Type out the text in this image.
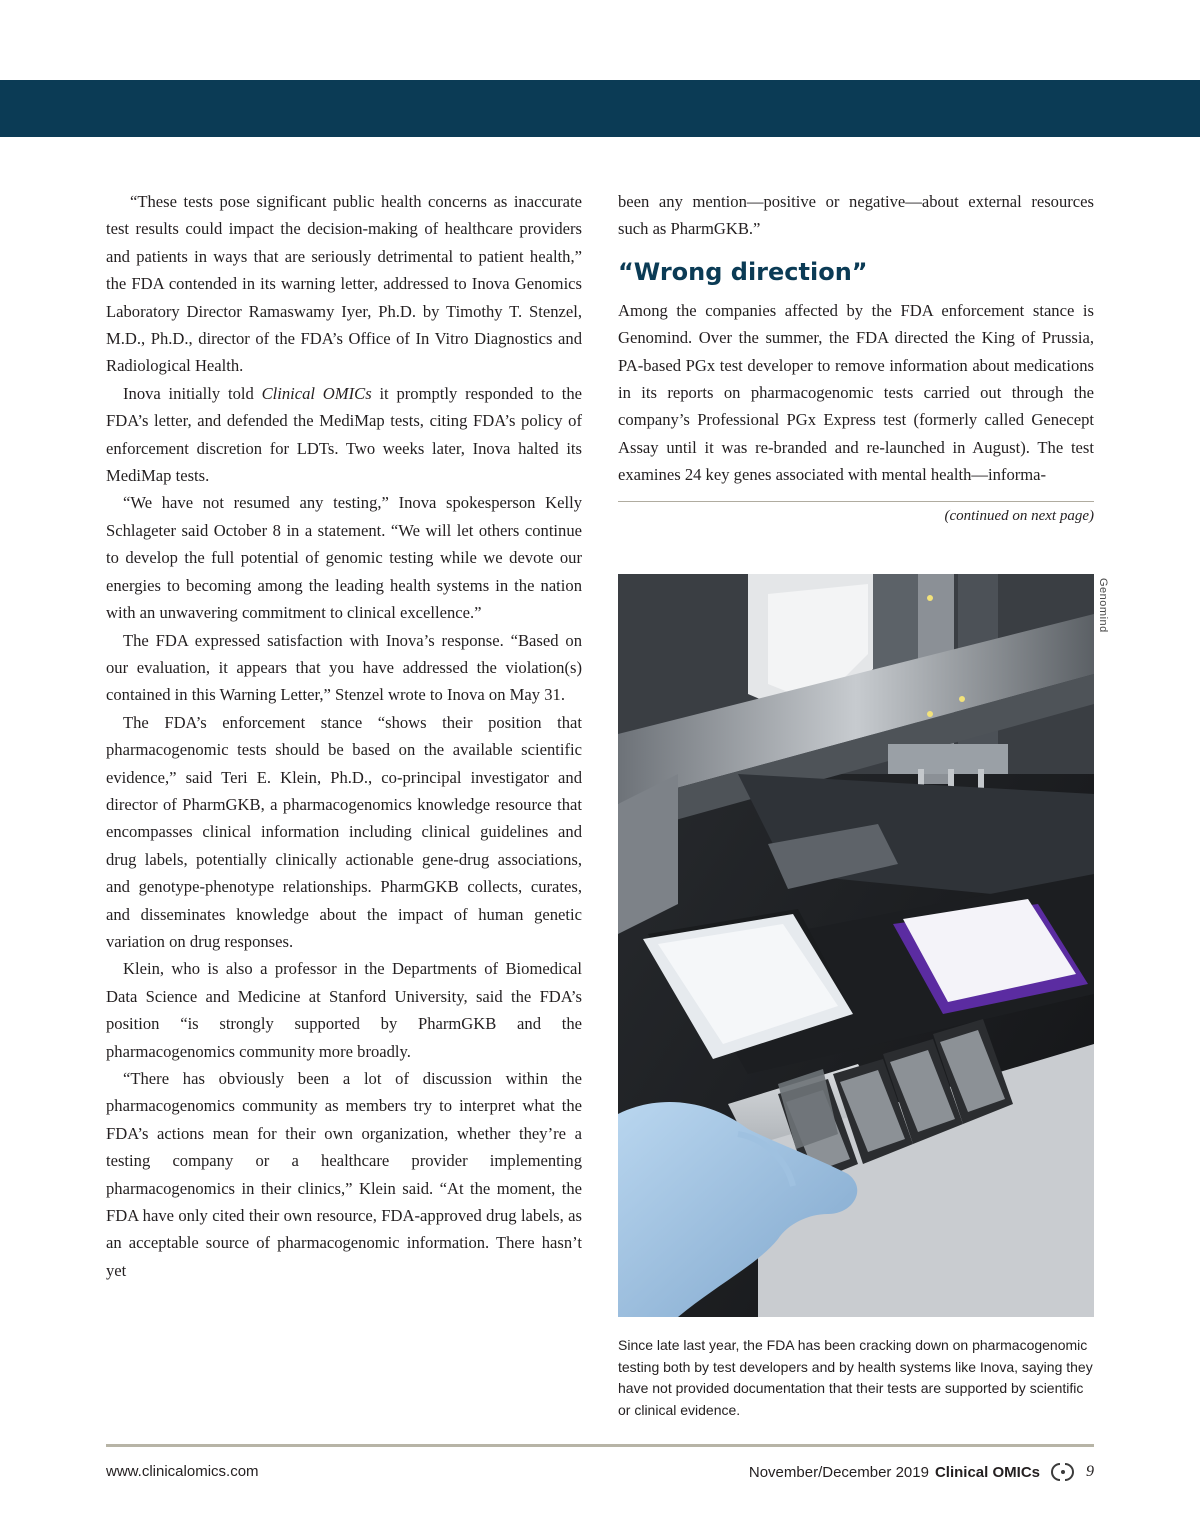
“These tests pose significant public health concerns as inaccurate test results could impact the decision-making of healthcare providers and patients in ways that are seriously detrimental to patient health,” the FDA contended in its warning letter, addressed to Inova Genomics Laboratory Director Ramaswamy Iyer, Ph.D. by Timothy T. Stenzel, M.D., Ph.D., director of the FDA’s Office of In Vitro Diagnostics and Radiological Health.

Inova initially told Clinical OMICs it promptly responded to the FDA’s letter, and defended the MediMap tests, citing FDA’s policy of enforcement discretion for LDTs. Two weeks later, Inova halted its MediMap tests.

“We have not resumed any testing,” Inova spokesperson Kelly Schlageter said October 8 in a statement. “We will let others continue to develop the full potential of genomic testing while we devote our energies to becoming among the leading health systems in the nation with an unwavering commitment to clinical excellence.”

The FDA expressed satisfaction with Inova’s response. “Based on our evaluation, it appears that you have addressed the violation(s) contained in this Warning Letter,” Stenzel wrote to Inova on May 31.

The FDA’s enforcement stance “shows their position that pharmacogenomic tests should be based on the available scientific evidence,” said Teri E. Klein, Ph.D., co-principal investigator and director of PharmGKB, a pharmacogenomics knowledge resource that encompasses clinical information including clinical guidelines and drug labels, potentially clinically actionable gene-drug associations, and genotype-phenotype relationships. PharmGKB collects, curates, and disseminates knowledge about the impact of human genetic variation on drug responses.

Klein, who is also a professor in the Departments of Biomedical Data Science and Medicine at Stanford University, said the FDA’s position “is strongly supported by PharmGKB and the pharmacogenomics community more broadly.

“There has obviously been a lot of discussion within the pharmacogenomics community as members try to interpret what the FDA’s actions mean for their own organization, whether they’re a testing company or a healthcare provider implementing pharmacogenomics in their clinics,” Klein said. “At the moment, the FDA have only cited their own resource, FDA-approved drug labels, as an acceptable source of pharmacogenomic information. There hasn’t yet

been any mention—positive or negative—about external resources such as PharmGKB.”

“Wrong direction”

Among the companies affected by the FDA enforcement stance is Genomind. Over the summer, the FDA directed the King of Prussia, PA-based PGx test developer to remove information about medications in its reports on pharmacogenomic tests carried out through the company’s Professional PGx Express test (formerly called Genecept Assay until it was re-branded and re-launched in August). The test examines 24 key genes associated with mental health—informa-

(continued on next page)
Genomind
Since late last year, the FDA has been cracking down on pharmacogenomic testing both by test developers and by health systems like Inova, saying they have not provided documentation that their tests are supported by scientific or clinical evidence.
www.clinicalomics.com	November/December 2019 Clinical OMICs	9
